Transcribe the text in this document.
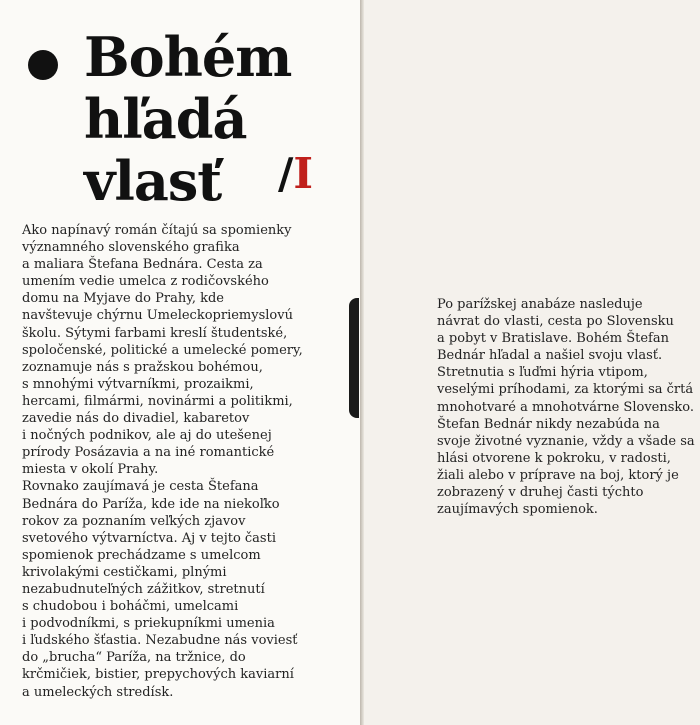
Bohém
hľadá
vlasť /I
Ako napínavý román čítajú sa spomienky
významného slovenského grafika
a maliara Štefana Bednára. Cesta za
umením vedie umelca z rodičovského
domu na Myjave do Prahy, kde
navštevuje chýrnu Umeleckopriemyslovú
školu. Sýtymi farbami kreslí študentské,
spoločenské, politické a umelecké pomery,
zoznamuje nás s pražskou bohémou,
s mnohými výtvarníkmi, prozaikmi,
hercami, filmármi, novinármi a politikmi,
zavedie nás do divadiel, kabaretov
i nočných podnikov, ale aj do utešenej
prírody Posázavia a na iné romantické
miesta v okolí Prahy.
Rovnako zaujímavá je cesta Štefana
Bednára do Paríža, kde ide na niekoľko
rokov za poznaním veľkých zjavov
svetového výtvarníctva. Aj v tejto časti
spomienok prechádzame s umelcom
krivolakými cestičkami, plnými
nezabudnuteľných zážitkov, stretnutí
s chudobou i boháčmi, umelcami
i podvodníkmi, s priekupníkmi umenia
i ľudského šťastia. Nezabudne nás voviesť
do „brucha“ Paríža, na tržnice, do
krčmičiek, bistier, prepychových kaviarní
a umeleckých stredísk.
Po parížskej anabáze nasleduje
návrat do vlasti, cesta po Slovensku
a pobyt v Bratislave. Bohém Štefan
Bednár hľadal a našiel svoju vlasť.
Stretnutia s ľuďmi hýria vtipom,
veselými príhodami, za ktorými sa črtá
mnohotvaré a mnohotvárne Slovensko.
Štefan Bednár nikdy nezabúda na
svoje životné vyznanie, vždy a všade sa
hlási otvorene k pokroku, v radosti,
žiali alebo v príprave na boj, ktorý je
zobrazený v druhej časti týchto
zaujímavých spomienok.
